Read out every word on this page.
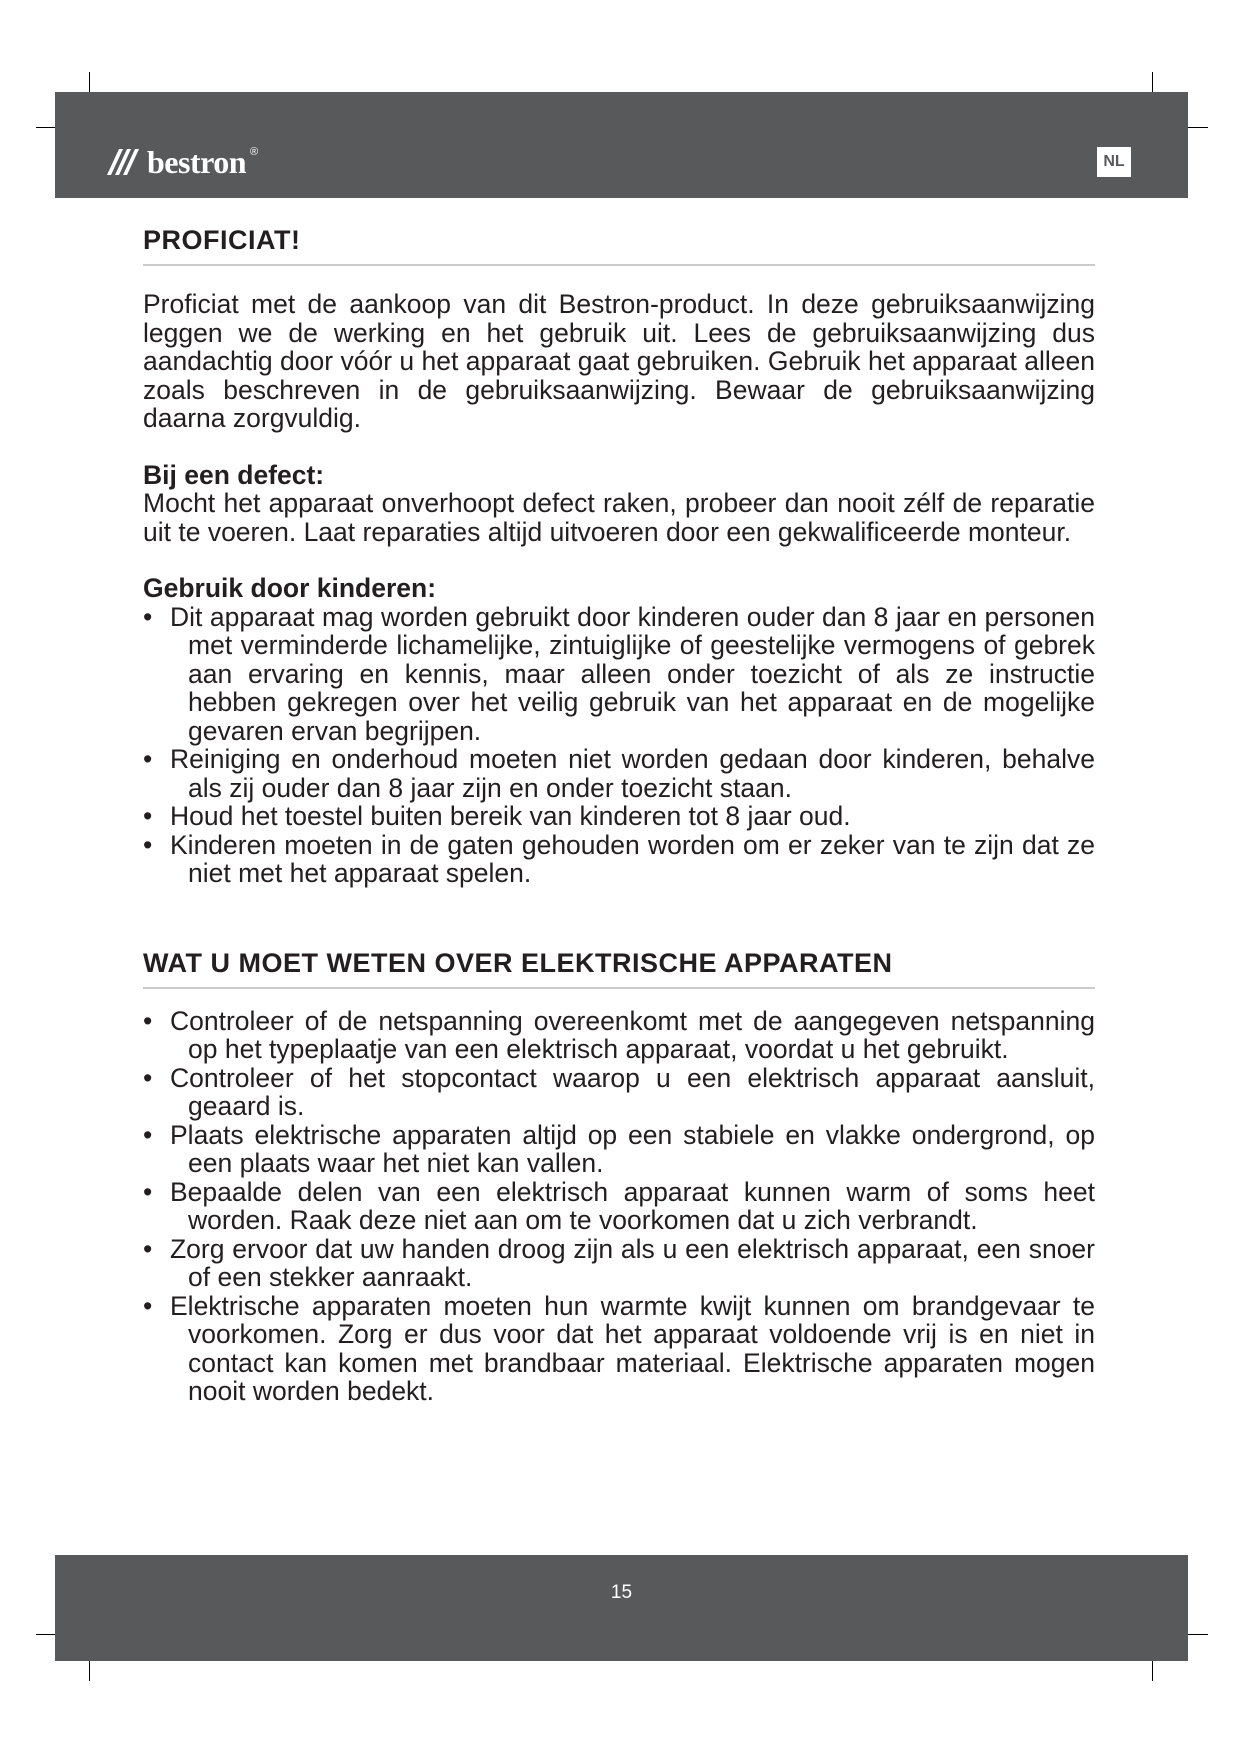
bestron ®
NL
PROFICIAT!

Proficiat met de aankoop van dit Bestron-product. In deze gebruiksaanwijzing leggen we de werking en het gebruik uit. Lees de gebruiksaanwijzing dus aandachtig door vóór u het apparaat gaat gebruiken. Gebruik het apparaat alleen zoals beschreven in de gebruiksaanwijzing. Bewaar de gebruiksaanwijzing daarna zorgvuldig.

Bij een defect:

Mocht het apparaat onverhoopt defect raken, probeer dan nooit zélf de reparatie uit te voeren. Laat reparaties altijd uitvoeren door een gekwalificeerde monteur.

Gebruik door kinderen:
• Dit apparaat mag worden gebruikt door kinderen ouder dan 8 jaar en personen met verminderde lichamelijke, zintuiglijke of geestelijke vermogens of gebrek aan ervaring en kennis, maar alleen onder toezicht of als ze instructie hebben gekregen over het veilig gebruik van het apparaat en de mogelijke gevaren ervan begrijpen.
• Reiniging en onderhoud moeten niet worden gedaan door kinderen, behalve als zij ouder dan 8 jaar zijn en onder toezicht staan.
• Houd het toestel buiten bereik van kinderen tot 8 jaar oud.
• Kinderen moeten in de gaten gehouden worden om er zeker van te zijn dat ze niet met het apparaat spelen.
WAT U MOET WETEN OVER ELEKTRISCHE APPARATEN
• Controleer of de netspanning overeenkomt met de aangegeven netspanning op het typeplaatje van een elektrisch apparaat, voordat u het gebruikt.
• Controleer of het stopcontact waarop u een elektrisch apparaat aansluit, geaard is.
• Plaats elektrische apparaten altijd op een stabiele en vlakke ondergrond, op een plaats waar het niet kan vallen.
• Bepaalde delen van een elektrisch apparaat kunnen warm of soms heet worden. Raak deze niet aan om te voorkomen dat u zich verbrandt.
• Zorg ervoor dat uw handen droog zijn als u een elektrisch apparaat, een snoer of een stekker aanraakt.
• Elektrische apparaten moeten hun warmte kwijt kunnen om brandgevaar te voorkomen. Zorg er dus voor dat het apparaat voldoende vrij is en niet in contact kan komen met brandbaar materiaal. Elektrische apparaten mogen nooit worden bedekt.
15
